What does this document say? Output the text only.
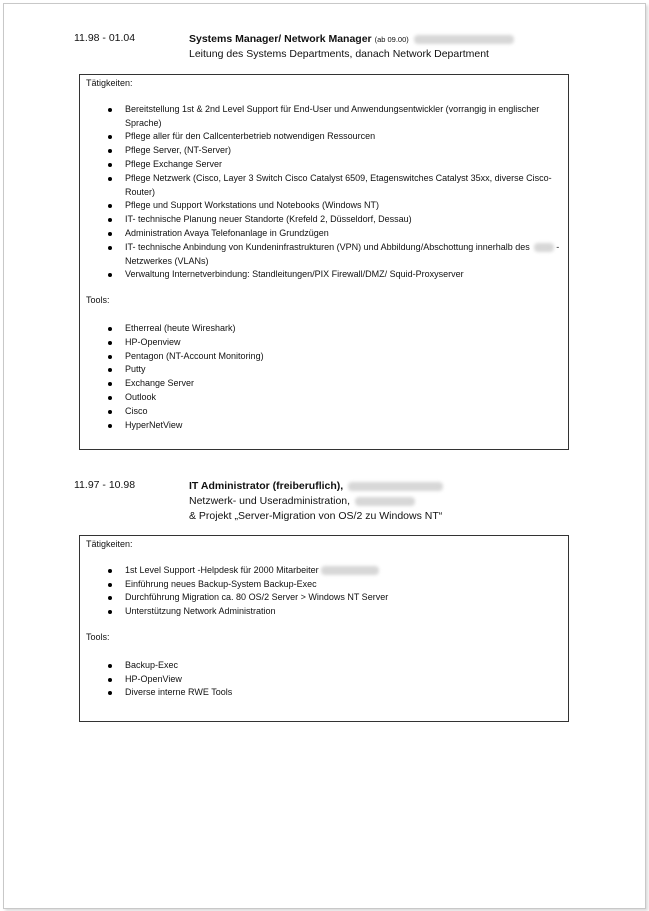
11.98 - 01.04	Systems Manager/ Network Manager (ab 09.00)
Leitung des Systems Departments, danach Network Department
Tätigkeiten:
Bereitstellung 1st & 2nd Level Support für End-User und Anwendungsentwickler (vorrangig in englischer Sprache)
Pflege aller für den Callcenterbetrieb notwendigen Ressourcen
Pflege Server, (NT-Server)
Pflege Exchange Server
Pflege Netzwerk (Cisco, Layer 3 Switch Cisco Catalyst 6509, Etagenswitches Catalyst 35xx, diverse Cisco-Router)
Pflege und Support Workstations und Notebooks (Windows NT)
IT- technische Planung neuer Standorte (Krefeld 2, Düsseldorf, Dessau)
Administration Avaya Telefonanlage in Grundzügen
IT- technische Anbindung von Kundeninfrastrukturen (VPN) und Abbildung/Abschottung innerhalb des	-Netzwerkes (VLANs)
Verwaltung Internetverbindung: Standleitungen/PIX Firewall/DMZ/ Squid-Proxyserver
Tools:
Etherreal (heute Wireshark)
HP-Openview
Pentagon (NT-Account Monitoring)
Putty
Exchange Server
Outlook
Cisco
HyperNetView
11.97 - 10.98	IT Administrator (freiberuflich),
Netzwerk- und Useradministration,
& Projekt „Server-Migration von OS/2 zu Windows NT“
Tätigkeiten:
1st Level Support -Helpdesk für 2000 Mitarbeiter
Einführung neues Backup-System Backup-Exec
Durchführung Migration ca. 80 OS/2 Server > Windows NT Server
Unterstützung Network Administration
Tools:
Backup-Exec
HP-OpenView
Diverse interne RWE Tools
